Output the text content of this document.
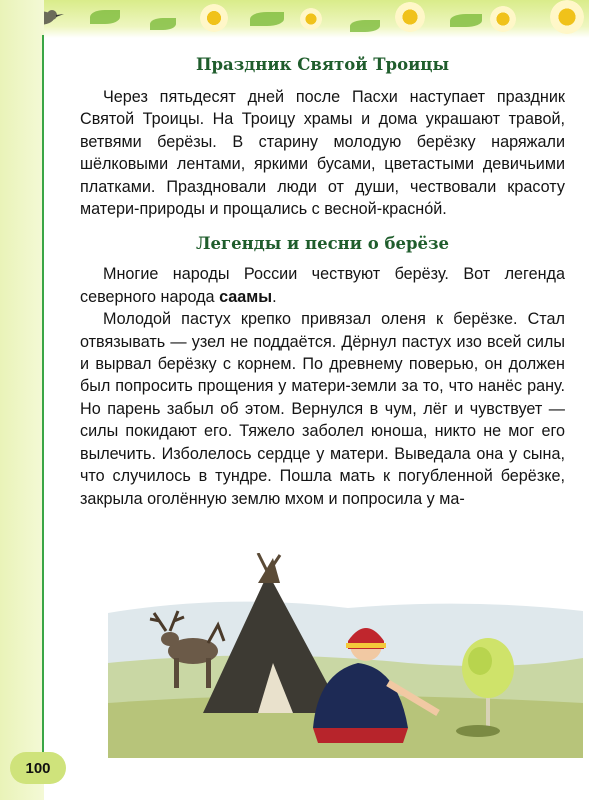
100
Праздник Святой Троицы

Через пятьдесят дней после Пасхи наступает праздник Святой Троицы. На Троицу храмы и дома украшают травой, ветвями берёзы. В старину молодую берёзку наряжали шёлковыми лентами, яркими бусами, цветастыми девичьими платками. Праздновали люди от души, чествовали красоту матери-природы и прощались с весной-красно́й.

Легенды и песни о берёзе

Многие народы России чествуют берёзу. Вот легенда северного народа саамы.

Молодой пастух крепко привязал оленя к берёзке. Стал отвязывать — узел не поддаётся. Дёрнул пастух изо всей силы и вырвал берёзку с корнем. По древнему поверью, он должен был попросить прощения у матери-земли за то, что нанёс рану. Но парень забыл об этом. Вернулся в чум, лёг и чувствует — силы покидают его. Тяжело заболел юноша, никто не мог его вылечить. Изболелось сердце у матери. Выведала она у сына, что случилось в тундре. Пошла мать к погубленной берёзке, закрыла оголённую землю мхом и попросила у ма-
